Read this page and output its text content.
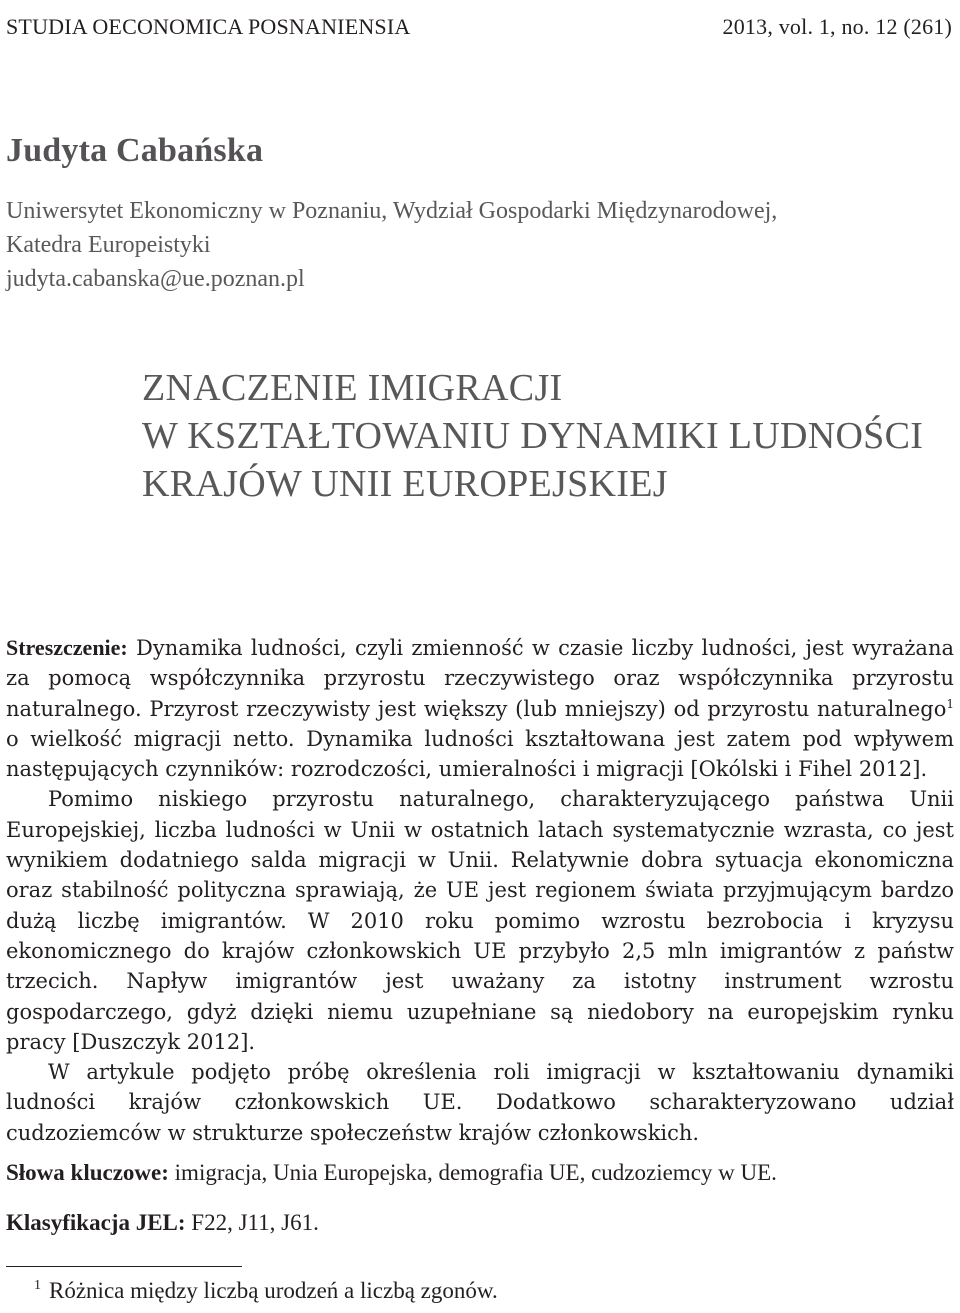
STUDIA OECONOMICA POSNANIENSIA	2013, vol. 1, no. 12 (261)
Judyta Cabańska
Uniwersytet Ekonomiczny w Poznaniu, Wydział Gospodarki Międzynarodowej,
Katedra Europeistyki
judyta.cabanska@ue.poznan.pl
ZNACZENIE IMIGRACJI
W KSZTAŁTOWANIU DYNAMIKI LUDNOŚCI
KRAJÓW UNII EUROPEJSKIEJ

Streszczenie: Dynamika ludności, czyli zmienność w czasie liczby ludności, jest wyrażana za pomocą współczynnika przyrostu rzeczywistego oraz współczynnika przyrostu naturalnego. Przyrost rzeczywisty jest większy (lub mniejszy) od przyrostu naturalnego$^1$ o wielkość migracji netto. Dynamika ludności kształtowana jest zatem pod wpływem następujących czynników: rozrodczości, umieralności i migracji [Okólski i Fihel 2012].

Pomimo niskiego przyrostu naturalnego, charakteryzującego państwa Unii Europejskiej, liczba ludności w Unii w ostatnich latach systematycznie wzrasta, co jest wynikiem dodatniego salda migracji w Unii. Relatywnie dobra sytuacja ekonomiczna oraz stabilność polityczna sprawiają, że UE jest regionem świata przyjmującym bardzo dużą liczbę imigrantów. W 2010 roku pomimo wzrostu bezrobocia i kryzysu ekonomicznego do krajów członkowskich UE przybyło 2,5 mln imigrantów z państw trzecich. Napływ imigrantów jest uważany za istotny instrument wzrostu gospodarczego, gdyż dzięki niemu uzupełniane są niedobory na europejskim rynku pracy [Duszczyk 2012].

W artykule podjęto próbę określenia roli imigracji w kształtowaniu dynamiki ludności krajów członkowskich UE. Dodatkowo scharakteryzowano udział cudzoziemców w strukturze społeczeństw krajów członkowskich.

Słowa kluczowe: imigracja, Unia Europejska, demografia UE, cudzoziemcy w UE.
Klasyfikacja JEL: F22, J11, J61.
$^1$ Różnica między liczbą urodzeń a liczbą zgonów.
